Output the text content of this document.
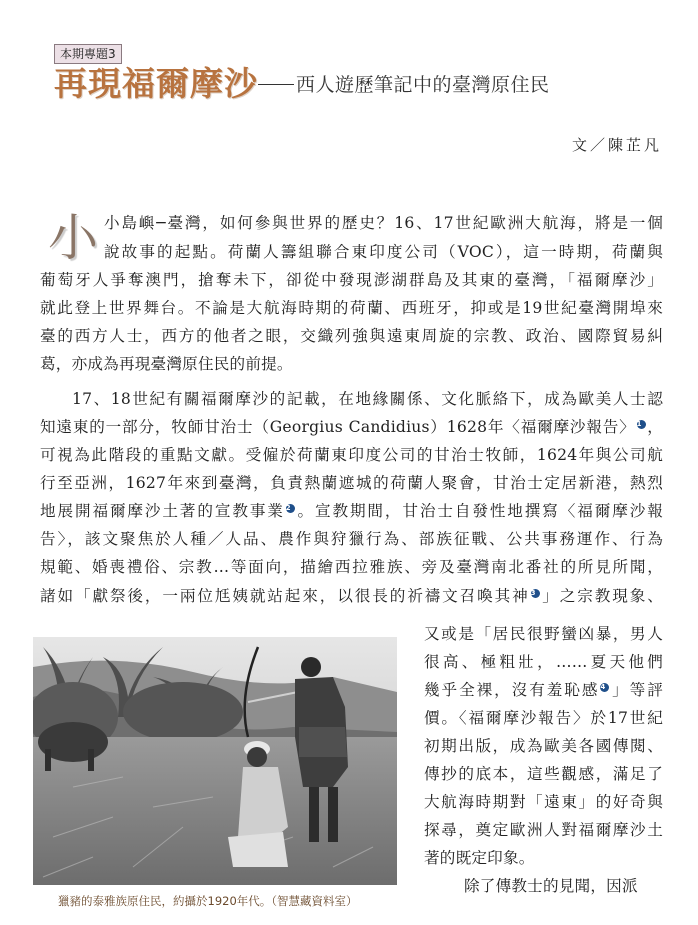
本期專題3
再現福爾摩沙 西人遊歷筆記中的臺灣原住民
文／陳芷凡
小 小島嶼─臺灣，如何參與世界的歷史？16、17世紀歐洲大航海，將是一個
說故事的起點。荷蘭人籌組聯合東印度公司（VOC），這一時期，荷蘭與
葡萄牙人爭奪澳門，搶奪未下，卻從中發現澎湖群島及其東的臺灣，「福爾摩沙」
就此登上世界舞台。不論是大航海時期的荷蘭、西班牙，抑或是19世紀臺灣開埠來
臺的西方人士，西方的他者之眼，交織列強與遠東周旋的宗教、政治、國際貿易糾
葛，亦成為再現臺灣原住民的前提。
17、18世紀有關福爾摩沙的記載，在地緣關係、文化脈絡下，成為歐美人士認
知遠東的一部分，牧師甘治士（Georgius Candidius）1628年〈福爾摩沙報告〉1 ，
可視為此階段的重點文獻。受僱於荷蘭東印度公司的甘治士牧師，1624年與公司航
行至亞洲，1627年來到臺灣，負責熱蘭遮城的荷蘭人聚會，甘治士定居新港，熱烈
地展開福爾摩沙土著的宣教事業2 。宣教期間，甘治士自發性地撰寫〈福爾摩沙報
告〉，該文聚焦於人種／人品、農作與狩獵行為、部族征戰、公共事務運作、行為
規範、婚喪禮俗、宗教…等面向，描繪西拉雅族、旁及臺灣南北番社的所見所聞，
諸如「獻祭後，一兩位尪姨就站起來，以很長的祈禱文召喚其神3 」之宗教現象、
又或是「居民很野蠻凶暴，男人
很高、極粗壯，……夏天他們
幾乎全裸，沒有羞恥感4 」等評
價。〈福爾摩沙報告〉於17世紀
初期出版，成為歐美各國傳閱、
傳抄的底本，這些觀感，滿足了
大航海時期對「遠東」的好奇與
探尋，奠定歐洲人對福爾摩沙土
著的既定印象。
除了傳教士的見聞，因派
獵豬的泰雅族原住民，約攝於1920年代。（智慧藏資料室）
